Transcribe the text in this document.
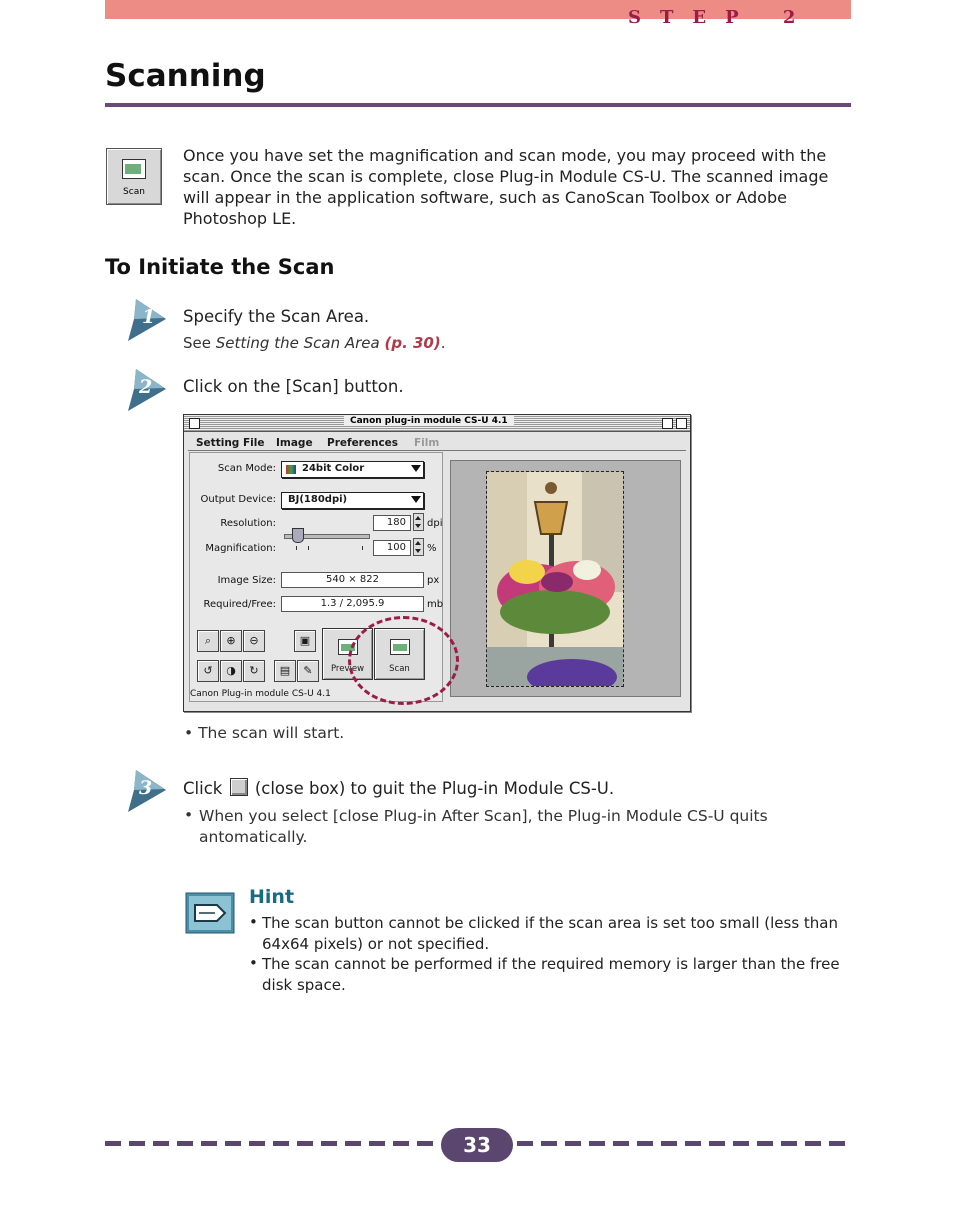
STEP 2
Scanning
Scan
Once you have set the magnification and scan mode, you may proceed with the scan. Once the scan is complete, close Plug-in Module CS-U. The scanned image will appear in the application software, such as CanoScan Toolbox or Adobe Photoshop LE.
To Initiate the Scan
1 Specify the Scan Area.
See Setting the Scan Area (p. 30).
2 Click on the [Scan] button.
Canon plug-in module CS-U 4.1
Setting File Image Preferences Film
Scan Mode:	24bit Color
Output Device: BJ(180dpi)
Resolution:	180 dpi
Magnification:	100 %
Image Size:	540 × 822	px
Required/Free:	1.3 / 2,095.9	mb
⌕	⊕	⊖
↺	◑	↻	▤	✎
▣
Preview	Scan
Canon Plug-in module CS-U 4.1
• The scan will start.
3 Click (close box) to guit the Plug-in Module CS-U.
• When you select [close Plug-in After Scan], the Plug-in Module CS-U quits antomatically.
Hint
• The scan button cannot be clicked if the scan area is set too small (less than 64x64 pixels) or not specified.
• The scan cannot be performed if the required memory is larger than the free disk space.
33
